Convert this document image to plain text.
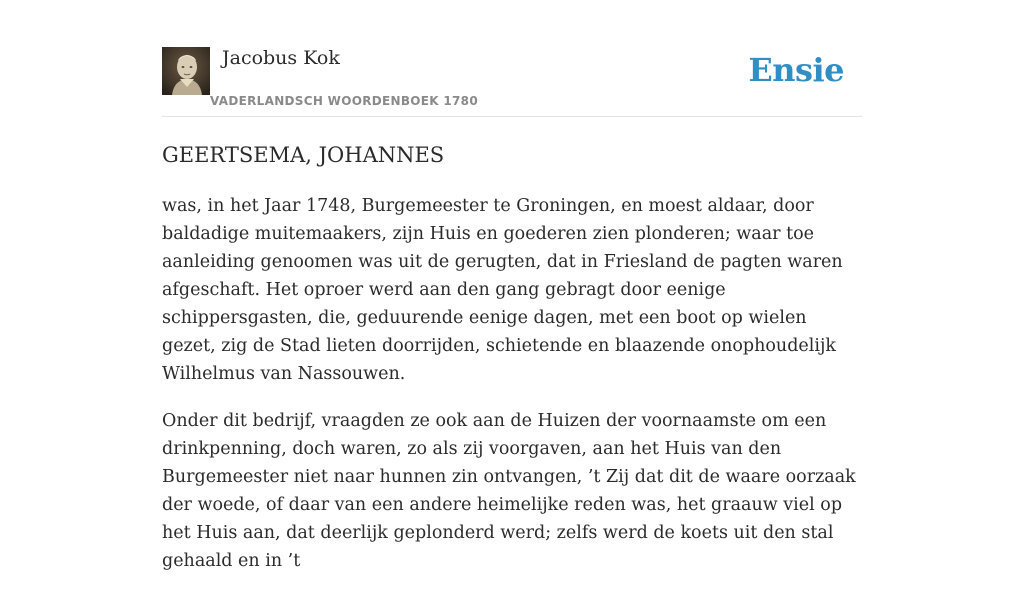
Jacobus Kok
VADERLANDSCH WOORDENBOEK 1780
Ensie
GEERTSEMA, JOHANNES

was, in het Jaar 1748, Burgemeester te Groningen, en moest aldaar, door baldadige muitemaakers, zijn Huis en goederen zien plonderen; waar toe aanleiding genoomen was uit de gerugten, dat in Friesland de pagten waren afgeschaft. Het oproer werd aan den gang gebragt door eenige schippersgasten, die, geduurende eenige dagen, met een boot op wielen gezet, zig de Stad lieten doorrijden, schietende en blaazende onophoudelijk Wilhelmus van Nassouwen.

Onder dit bedrijf, vraagden ze ook aan de Huizen der voornaamste om een drinkpenning, doch waren, zo als zij voorgaven, aan het Huis van den Burgemeester niet naar hunnen zin ontvangen, ’t Zij dat dit de waare oorzaak der woede, of daar van een andere heimelijke reden was, het graauw viel op het Huis aan, dat deerlijk geplonderd werd; zelfs werd de koets uit den stal gehaald en in ’t
